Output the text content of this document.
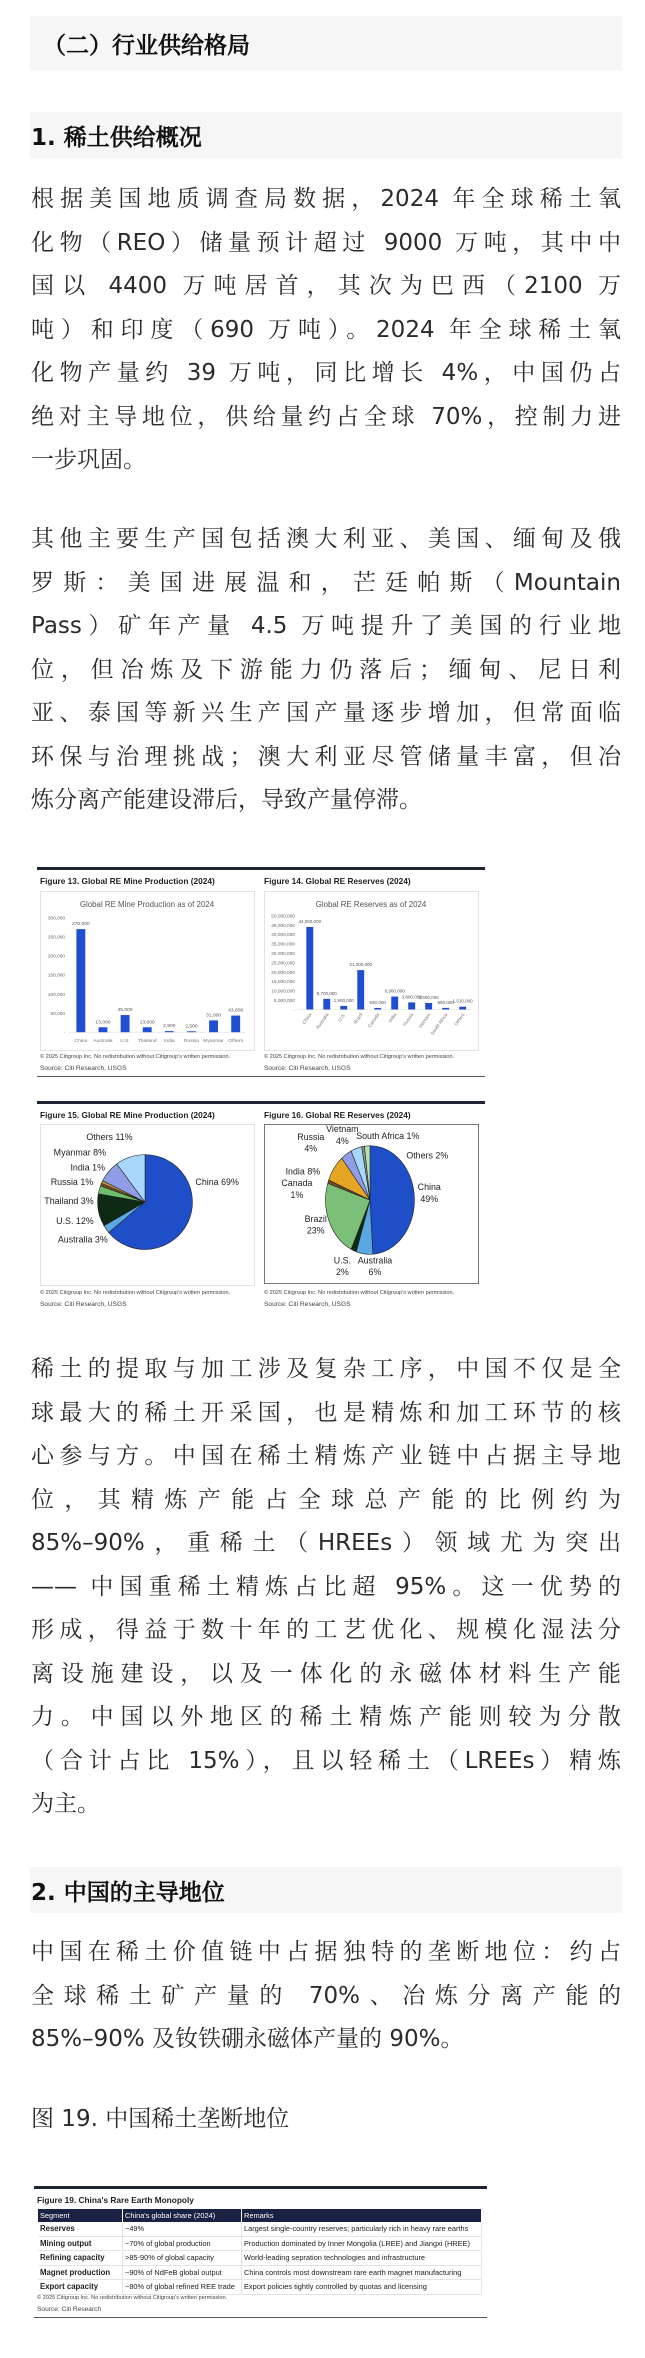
（二）行业供给格局
1. 稀土供给概况
根据美国地质调查局数据，2024 年全球稀土氧
化物（REO）储量预计超过 9000 万吨，其中中
国以 4400 万吨居首，其次为巴西（2100 万
吨）和印度（690 万吨）。2024 年全球稀土氧
化物产量约 39 万吨，同比增长 4%，中国仍占
绝对主导地位，供给量约占全球 70%，控制力进
一步巩固。
其他主要生产国包括澳大利亚、美国、缅甸及俄
罗斯：美国进展温和，芒廷帕斯（Mountain
Pass）矿年产量 4.5 万吨提升了美国的行业地
位，但冶炼及下游能力仍落后；缅甸、尼日利
亚、泰国等新兴生产国产量逐步增加，但常面临
环保与治理挑战；澳大利亚尽管储量丰富，但冶
炼分离产能建设滞后，导致产量停滞。
Figure 13. Global RE Mine Production (2024)	Figure 14. Global RE Reserves (2024)
Global RE Mine Production as of 2024
-
50,000
100,000
150,000
200,000
250,000
300,000
270,000
China
13,000
Australia
45,000
U.S.
13,000
Thailand
2,900
India
2,500
Russia
31,000
Myanmar
43,600
Others
Global RE Reserves as of 2024
-
5,000,000
10,000,000
15,000,000
20,000,000
25,000,000
30,000,000
35,000,000
40,000,000
45,000,000
50,000,000
44,000,000
China
5,700,000
Australia
1,900,000
U.S.
21,000,000
Brazil
830,000
Canada
6,900,000
India
3,800,000
Russia
3,500,000
Vietnam
860,000
South Africa
1,510,000
Others
© 2025 Citigroup Inc. No redistribution without Citigroup's written permission.
Source: Citi Research, USGS
© 2025 Citigroup Inc. No redistribution without Citigroup's written permission.
Source: Citi Research, USGS
Figure 15. Global RE Mine Production (2024)	Figure 16. Global RE Reserves (2024)
China 69%
Australia 3%
U.S. 12%
Thailand 3%
Russia 1%
India 1%
Myanmar 8%
Others 11%
China 49%
Australia 6%
U.S. 2%
Brazil 23%
Canada 1%
India 8%
Russia 4%
Vietnam 4% South Africa 1%
Others 2%
© 2025 Citigroup Inc. No redistribution without Citigroup's written permission.
Source: Citi Research, USGS
© 2025 Citigroup Inc. No redistribution without Citigroup's written permission.
Source: Citi Research, USGS
稀土的提取与加工涉及复杂工序，中国不仅是全
球最大的稀土开采国，也是精炼和加工环节的核
心参与方。中国在稀土精炼产业链中占据主导地
位，其精炼产能占全球总产能的比例约为
85%–90%，重稀土（HREEs）领域尤为突出
—— 中国重稀土精炼占比超 95%。这一优势的
形成，得益于数十年的工艺优化、规模化湿法分
离设施建设，以及一体化的永磁体材料生产能
力。中国以外地区的稀土精炼产能则较为分散
（合计占比 15%），且以轻稀土（LREEs）精炼
为主。
2. 中国的主导地位
中国在稀土价值链中占据独特的垄断地位：约占
全球稀土矿产量的 70%、冶炼分离产能的
85%–90% 及钕铁硼永磁体产量的 90%。
图 19. 中国稀土垄断地位
Figure 19. China's Rare Earth Monopoly
Segment	China's global share (2024)	Remarks
Reserves	~49%	Largest single-country reserves; particularly rich in heavy rare earths
Mining output	~70% of global production	Production dominated by Inner Mongolia (LREE) and Jiangxi (HREE)
Refining capacity	>85-90% of global capacity	World-leading sepration technologies and infrastructure
Magnet production	~90% of NdFeB global output	China controls most downstream rare earth magnet manufacturing
Export capacity	~80% of global refined REE trade	Export policies tightly controlled by quotas and licensing
© 2025 Citigroup Inc. No redistribution without Citigroup's written permission.
Source: Citi Research
